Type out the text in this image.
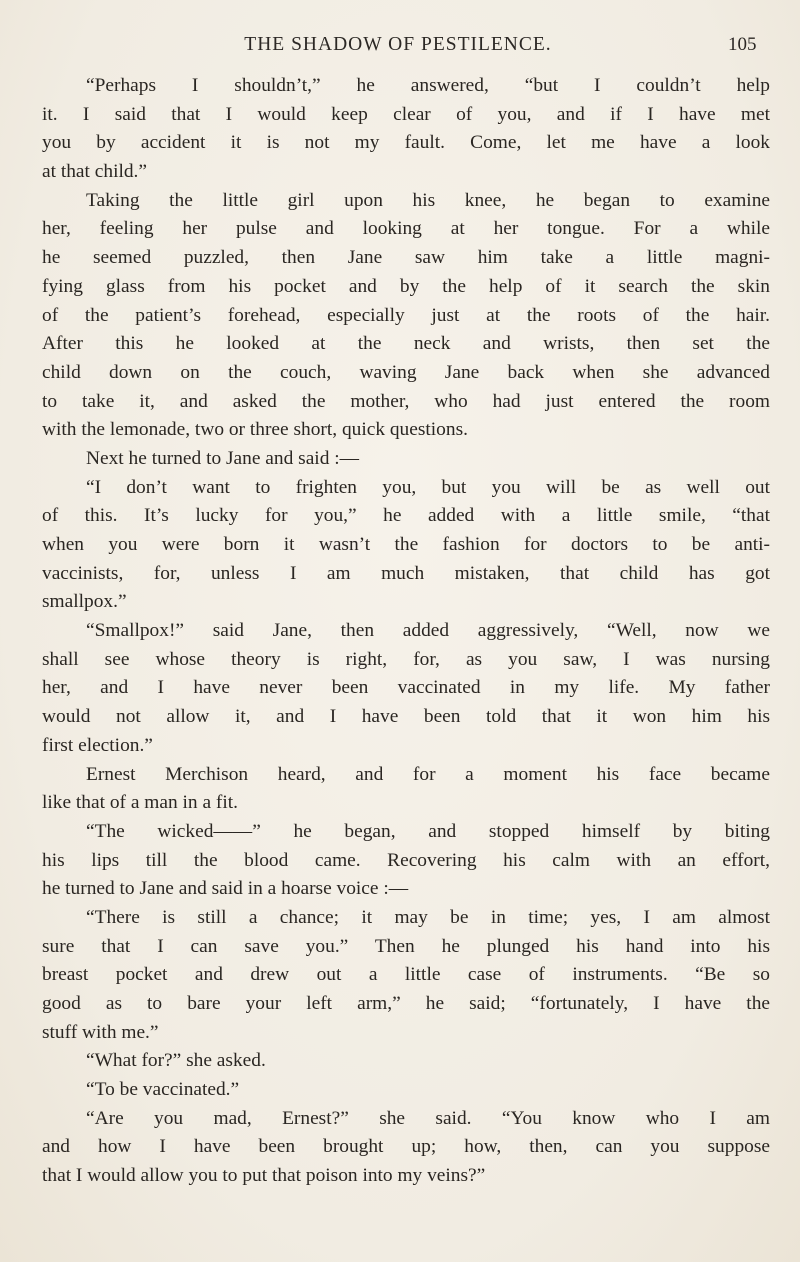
THE SHADOW OF PESTILENCE.	105
“Perhaps I shouldn’t,” he answered, “but I couldn’t help
it. I said that I would keep clear of you, and if I have met
you by accident it is not my fault. Come, let me have a look
at that child.”
Taking the little girl upon his knee, he began to examine
her, feeling her pulse and looking at her tongue. For a while
he seemed puzzled, then Jane saw him take a little magni-
fying glass from his pocket and by the help of it search the skin
of the patient’s forehead, especially just at the roots of the hair.
After this he looked at the neck and wrists, then set the
child down on the couch, waving Jane back when she advanced
to take it, and asked the mother, who had just entered the room
with the lemonade, two or three short, quick questions.
Next he turned to Jane and said :—
“I don’t want to frighten you, but you will be as well out
of this. It’s lucky for you,” he added with a little smile, “that
when you were born it wasn’t the fashion for doctors to be anti-
vaccinists, for, unless I am much mistaken, that child has got
smallpox.”
“Smallpox!” said Jane, then added aggressively, “Well, now we
shall see whose theory is right, for, as you saw, I was nursing
her, and I have never been vaccinated in my life. My father
would not allow it, and I have been told that it won him his
first election.”
Ernest Merchison heard, and for a moment his face became
like that of a man in a fit.
“The wicked——” he began, and stopped himself by biting
his lips till the blood came. Recovering his calm with an effort,
he turned to Jane and said in a hoarse voice :—
“There is still a chance; it may be in time; yes, I am almost
sure that I can save you.” Then he plunged his hand into his
breast pocket and drew out a little case of instruments. “Be so
good as to bare your left arm,” he said; “fortunately, I have the
stuff with me.”
“What for?” she asked.
“To be vaccinated.”
“Are you mad, Ernest?” she said. “You know who I am
and how I have been brought up; how, then, can you suppose
that I would allow you to put that poison into my veins?”
